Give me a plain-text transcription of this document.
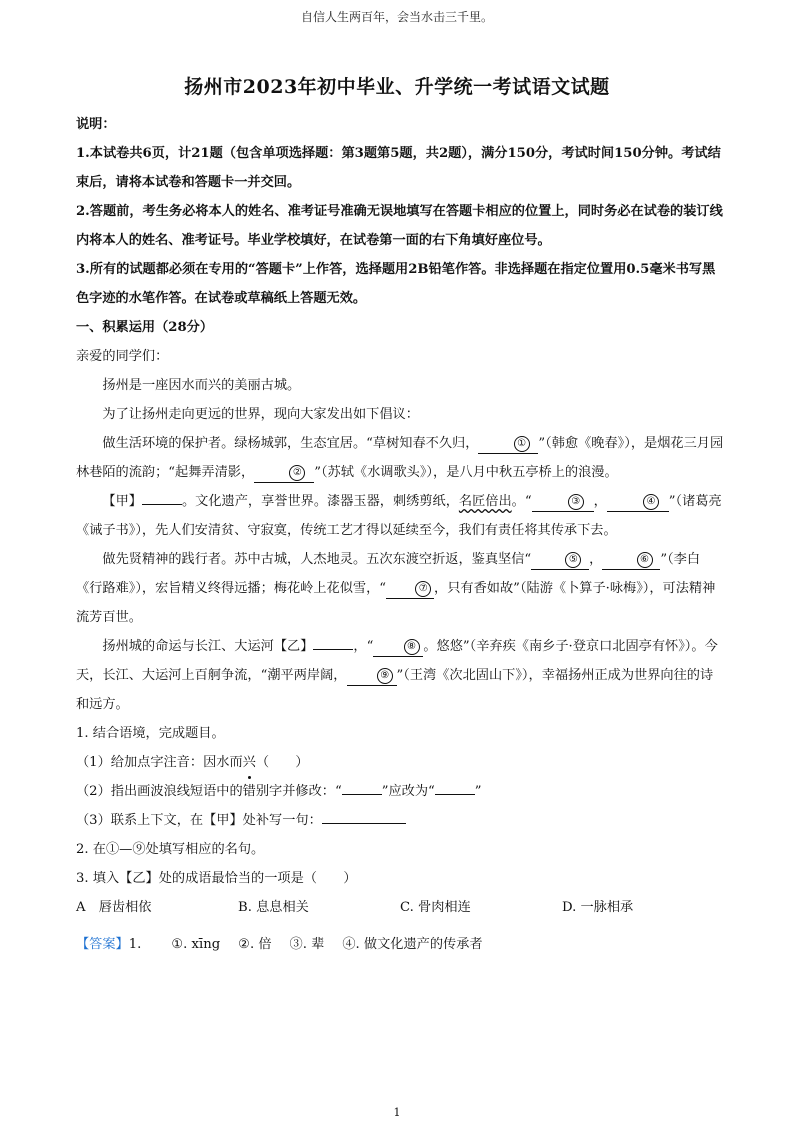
自信人生两百年，会当水击三千里。
扬州市2023年初中毕业、升学统一考试语文试题

说明：

1.本试卷共6页，计21题（包含单项选择题：第3题第5题，共2题），满分150分，考试时间150分钟。考试结束后，请将本试卷和答题卡一并交回。

2.答题前，考生务必将本人的姓名、准考证号准确无误地填写在答题卡相应的位置上，同时务必在试卷的装订线内将本人的姓名、准考证号。毕业学校填好，在试卷第一面的右下角填好座位号。

3.所有的试题都必须在专用的“答题卡”上作答，选择题用2B铅笔作答。非选择题在指定位置用0.5毫米书写黑色字迹的水笔作答。在试卷或草稿纸上答题无效。

一、积累运用（28分）

亲爱的同学们：

扬州是一座因水而兴的美丽古城。

为了让扬州走向更远的世界，现向大家发出如下倡议：

做生活环境的保护者。绿杨城郭，生态宜居。“草树知春不久归，	① ”（韩愈《晚春》），是烟花三月园林巷陌的流韵；“起舞弄清影，	② ”（苏轼《水调歌头》），是八月中秋五亭桥上的浪漫。

【甲】	。文化遗产，享誉世界。漆器玉器，刺绣剪纸，名匠倍出。“	③ ，	④ ”（诸葛亮《诫子书》），先人们安清贫、守寂寞，传统工艺才得以延续至今，我们有责任将其传承下去。

做先贤精神的践行者。苏中古城，人杰地灵。五次东渡空折返，鉴真坚信“	⑤ ，	⑥ ”（李白《行路难》），宏旨精义终得远播；梅花岭上花似雪，“	⑦ ，只有香如故”（陆游《卜算子·咏梅》），可法精神流芳百世。

扬州城的命运与长江、大运河【乙】	，“	⑧ 。悠悠”（辛弃疾《南乡子·登京口北固亭有怀》）。今天，长江、大运河上百舸争流，“潮平两岸阔，	⑨ ”（王湾《次北固山下》），幸福扬州正成为世界向往的诗和远方。

1. 结合语境，完成题目。

（1）给加点字注音：因水而兴（　　）

（2）指出画波浪线短语中的错别字并修改：“	”应改为“	”

（3）联系上下文，在【甲】处补写一句：

2. 在①—⑨处填写相应的名句。

3. 填入【乙】处的成语最恰当的一项是（　　）

A　唇齿相依	B. 息息相关	C. 骨肉相连	D. 一脉相承

【答案】1. ①. xīng ②. 倍 ③. 辈 ④. 做文化遗产的传承者

1
